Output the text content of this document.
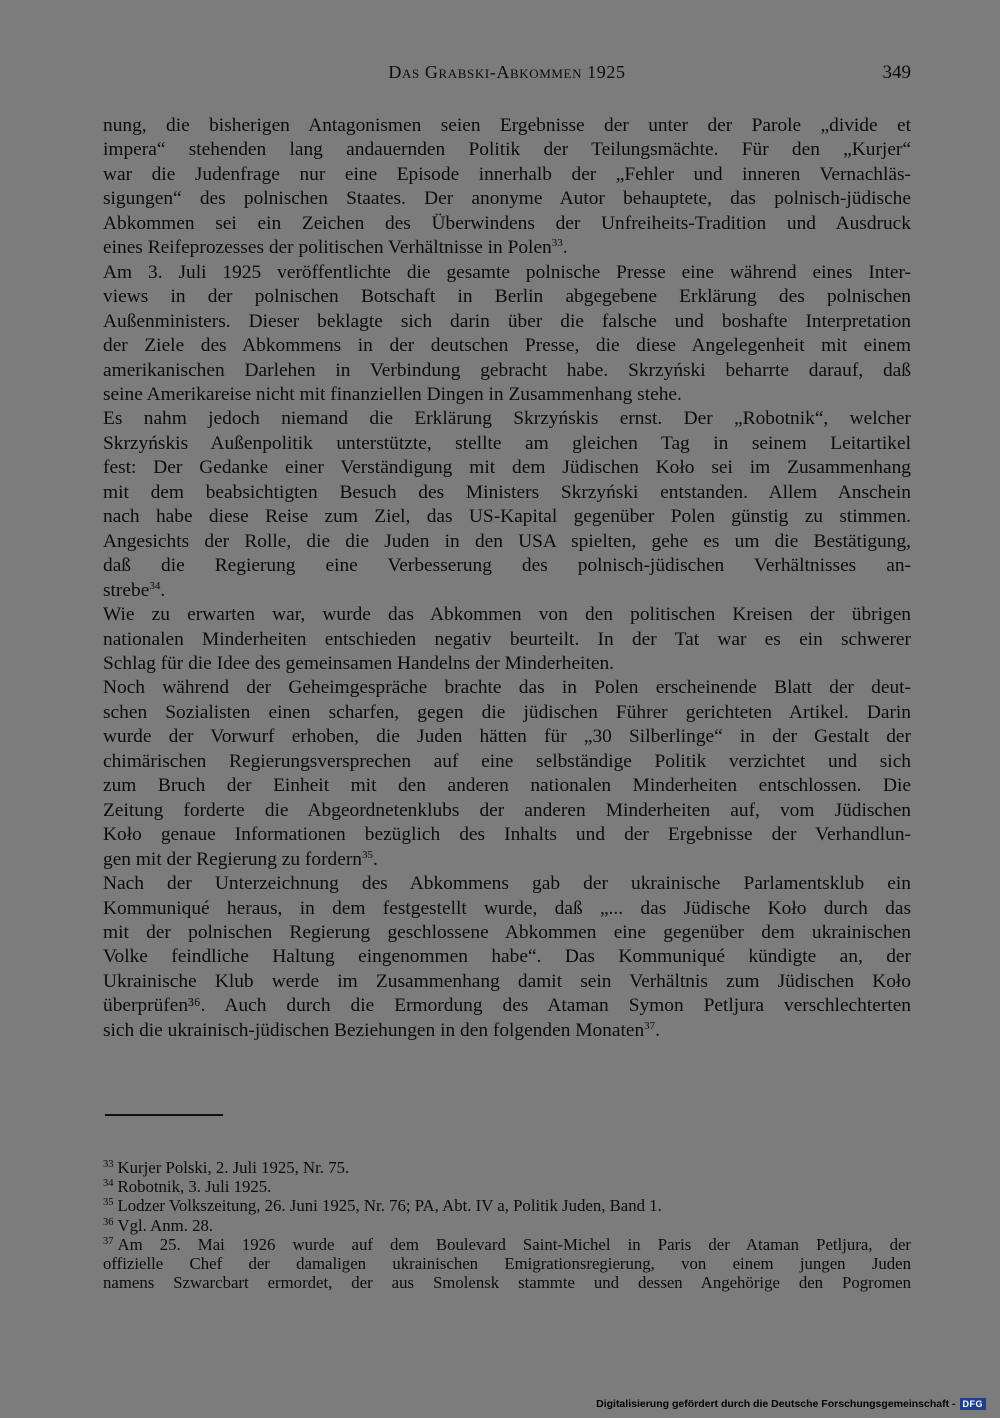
Das Grabski-Abkommen 1925	349

nung, die bisherigen Antagonismen seien Ergebnisse der unter der Parole „divide et
impera“ stehenden lang andauernden Politik der Teilungsmächte. Für den „Kurjer“
war die Judenfrage nur eine Episode innerhalb der „Fehler und inneren Vernachläs-
sigungen“ des polnischen Staates. Der anonyme Autor behauptete, das polnisch-jüdische
Abkommen sei ein Zeichen des Überwindens der Unfreiheits-Tradition und Ausdruck
eines Reifeprozesses der politischen Verhältnisse in Polen$^{33}$.

Am 3. Juli 1925 veröffentlichte die gesamte polnische Presse eine während eines Inter-
views in der polnischen Botschaft in Berlin abgegebene Erklärung des polnischen
Außenministers. Dieser beklagte sich darin über die falsche und boshafte Interpretation
der Ziele des Abkommens in der deutschen Presse, die diese Angelegenheit mit einem
amerikanischen Darlehen in Verbindung gebracht habe. Skrzyński beharrte darauf, daß
seine Amerikareise nicht mit finanziellen Dingen in Zusammenhang stehe.

Es nahm jedoch niemand die Erklärung Skrzyńskis ernst. Der „Robotnik“, welcher
Skrzyńskis Außenpolitik unterstützte, stellte am gleichen Tag in seinem Leitartikel
fest: Der Gedanke einer Verständigung mit dem Jüdischen Koło sei im Zusammenhang
mit dem beabsichtigten Besuch des Ministers Skrzyński entstanden. Allem Anschein
nach habe diese Reise zum Ziel, das US-Kapital gegenüber Polen günstig zu stimmen.
Angesichts der Rolle, die die Juden in den USA spielten, gehe es um die Bestätigung,
daß die Regierung eine Verbesserung des polnisch-jüdischen Verhältnisses an-
strebe$^{34}$.

Wie zu erwarten war, wurde das Abkommen von den politischen Kreisen der übrigen
nationalen Minderheiten entschieden negativ beurteilt. In der Tat war es ein schwerer
Schlag für die Idee des gemeinsamen Handelns der Minderheiten.

Noch während der Geheimgespräche brachte das in Polen erscheinende Blatt der deut-
schen Sozialisten einen scharfen, gegen die jüdischen Führer gerichteten Artikel. Darin
wurde der Vorwurf erhoben, die Juden hätten für „30 Silberlinge“ in der Gestalt der
chimärischen Regierungsversprechen auf eine selbständige Politik verzichtet und sich
zum Bruch der Einheit mit den anderen nationalen Minderheiten entschlossen. Die
Zeitung forderte die Abgeordnetenklubs der anderen Minderheiten auf, vom Jüdischen
Koło genaue Informationen bezüglich des Inhalts und der Ergebnisse der Verhandlun-
gen mit der Regierung zu fordern$^{35}$.

Nach der Unterzeichnung des Abkommens gab der ukrainische Parlamentsklub ein
Kommuniqué heraus, in dem festgestellt wurde, daß „... das Jüdische Koło durch das
mit der polnischen Regierung geschlossene Abkommen eine gegenüber dem ukrainischen
Volke feindliche Haltung eingenommen habe“. Das Kommuniqué kündigte an, der
Ukrainische Klub werde im Zusammenhang damit sein Verhältnis zum Jüdischen Koło
überprüfen³⁶. Auch durch die Ermordung des Ataman Symon Petljura verschlechterten
sich die ukrainisch-jüdischen Beziehungen in den folgenden Monaten$^{37}$.

$^{33}$ Kurjer Polski, 2. Juli 1925, Nr. 75.
$^{34}$ Robotnik, 3. Juli 1925.
$^{35}$ Lodzer Volkszeitung, 26. Juni 1925, Nr. 76; PA, Abt. IV a, Politik Juden, Band 1.
$^{36}$ Vgl. Anm. 28.
$^{37}$ Am 25. Mai 1926 wurde auf dem Boulevard Saint-Michel in Paris der Ataman Petljura, der
offizielle Chef der damaligen ukrainischen Emigrationsregierung, von einem jungen Juden
namens Szwarcbart ermordet, der aus Smolensk stammte und dessen Angehörige den Pogromen
Digitalisierung gefördert durch die Deutsche Forschungsgemeinschaft - DFG
